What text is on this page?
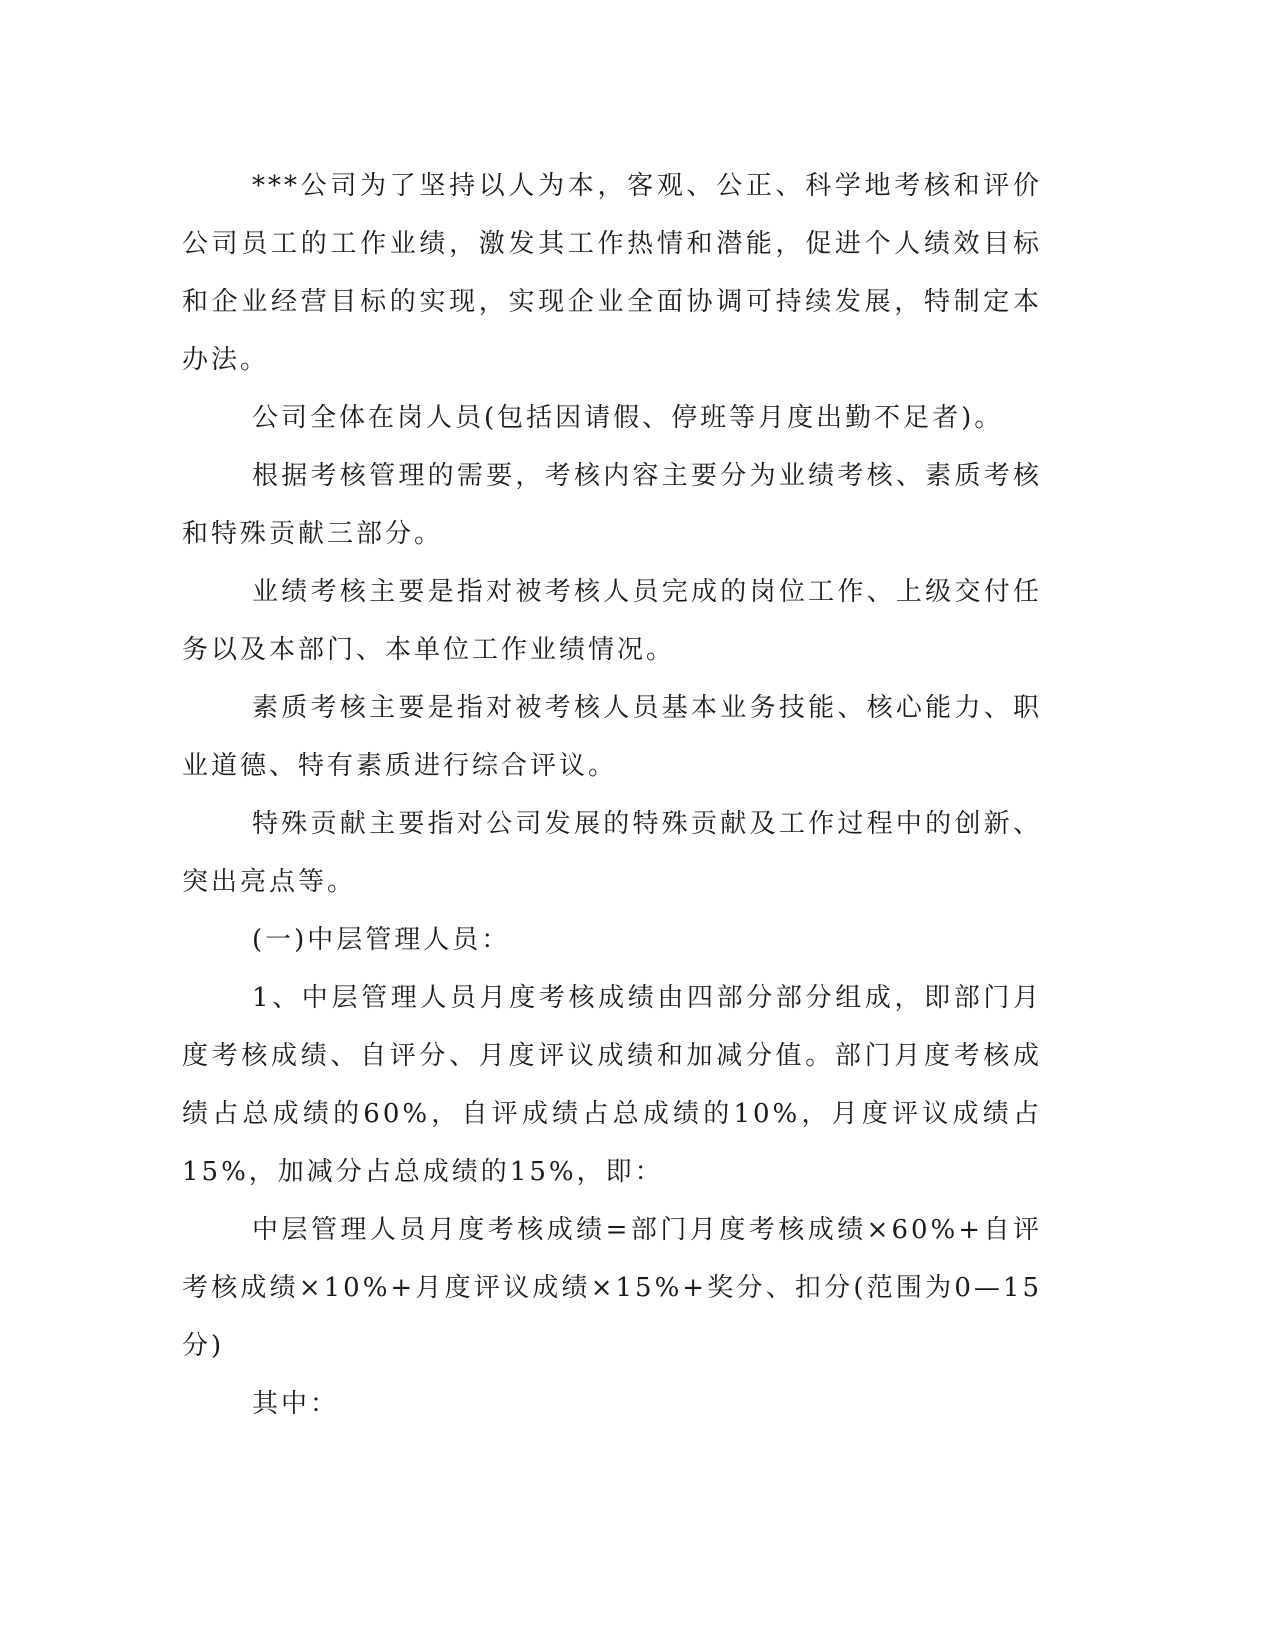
***公司为了坚持以人为本，客观、公正、科学地考核和评价公司员工的工作业绩，激发其工作热情和潜能，促进个人绩效目标和企业经营目标的实现，实现企业全面协调可持续发展，特制定本办法。

公司全体在岗人员(包括因请假、停班等月度出勤不足者)。

根据考核管理的需要，考核内容主要分为业绩考核、素质考核和特殊贡献三部分。

业绩考核主要是指对被考核人员完成的岗位工作、上级交付任务以及本部门、本单位工作业绩情况。

素质考核主要是指对被考核人员基本业务技能、核心能力、职业道德、特有素质进行综合评议。

特殊贡献主要指对公司发展的特殊贡献及工作过程中的创新、突出亮点等。

(一)中层管理人员：

1、中层管理人员月度考核成绩由四部分部分组成，即部门月度考核成绩、自评分、月度评议成绩和加减分值。部门月度考核成绩占总成绩的60%，自评成绩占总成绩的10%，月度评议成绩占15%，加减分占总成绩的15%，即：

中层管理人员月度考核成绩=部门月度考核成绩×60%+自评考核成绩×10%+月度评议成绩×15%+奖分、扣分(范围为0—15分)

其中：
